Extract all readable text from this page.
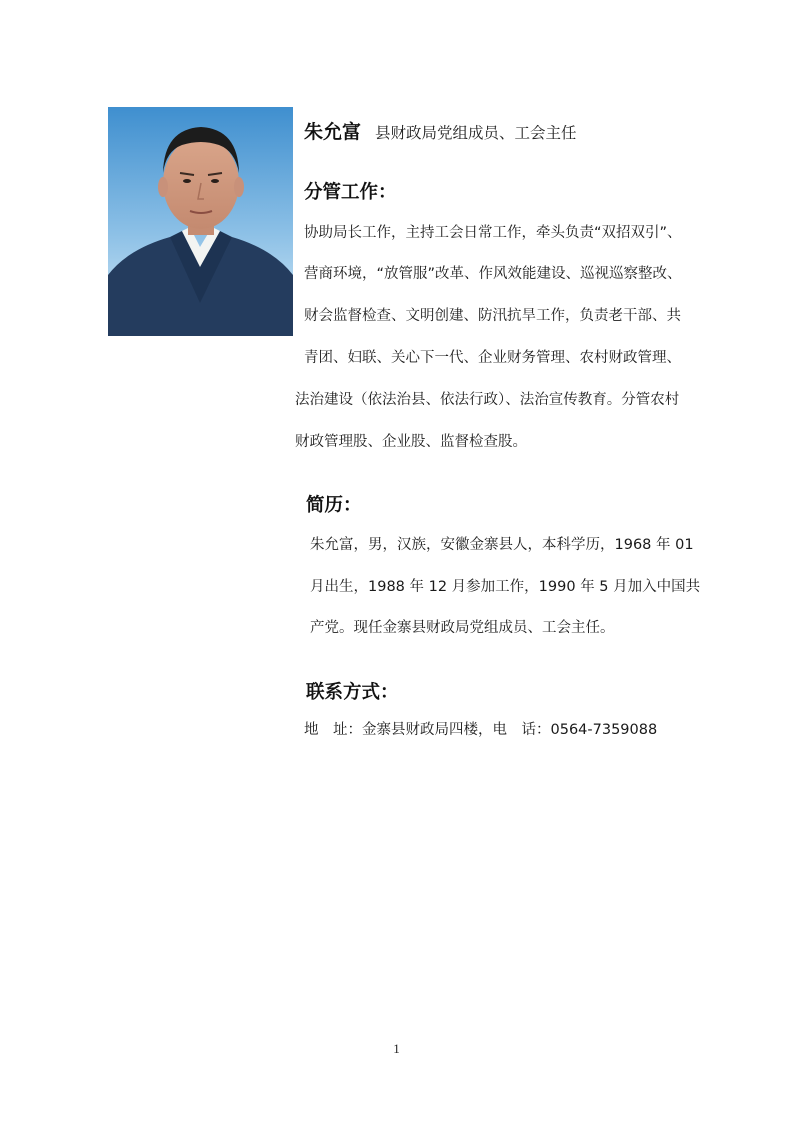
朱允富 县财政局党组成员、工会主任
分管工作：
协助局长工作，主持工会日常工作，牵头负责“双招双引”、
营商环境，“放管服”改革、作风效能建设、巡视巡察整改、
财会监督检查、文明创建、防汛抗旱工作，负责老干部、共
青团、妇联、关心下一代、企业财务管理、农村财政管理、
法治建设（依法治县、依法行政）、法治宣传教育。分管农村
财政管理股、企业股、监督检查股。
简历：
朱允富，男，汉族，安徽金寨县人，本科学历，1968 年 01
月出生，1988 年 12 月参加工作，1990 年 5 月加入中国共
产党。现任金寨县财政局党组成员、工会主任。
联系方式：
地　址：金寨县财政局四楼，电　话：0564-7359088
1
